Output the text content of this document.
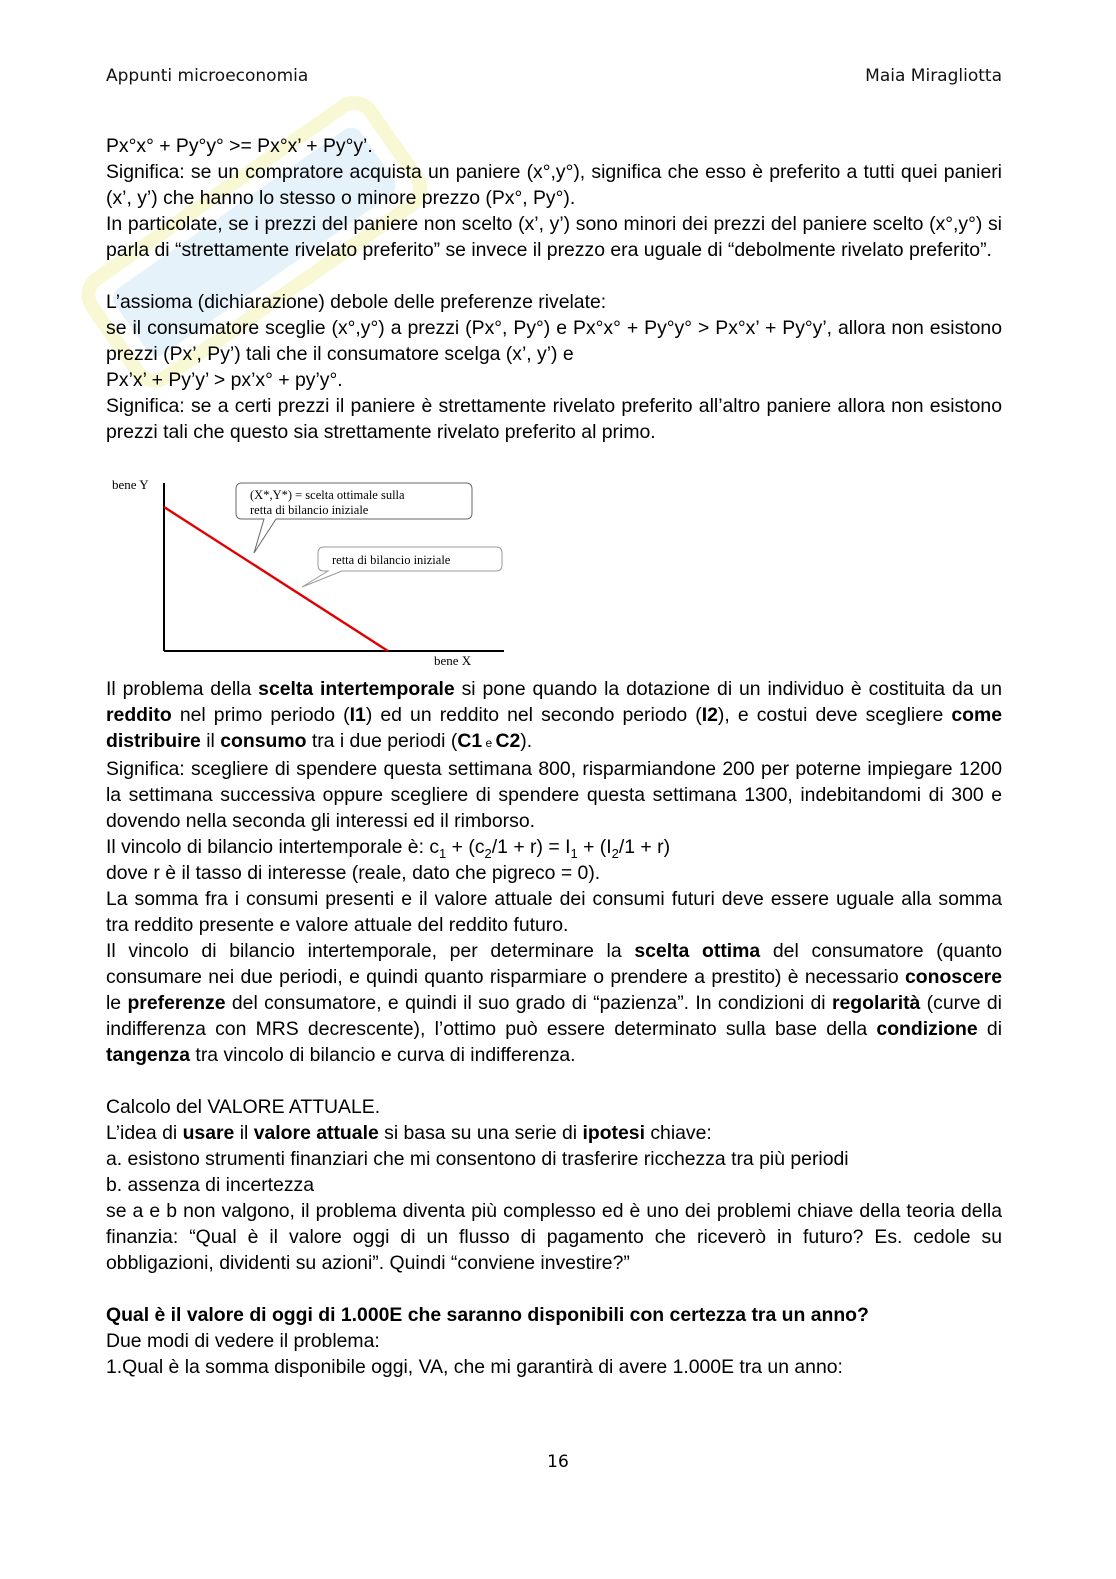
Appunti microeconomia	Maia Miragliotta

Px°x° + Py°y° >= Px°x’ + Py°y’.

Significa: se un compratore acquista un paniere (x°,y°), significa che esso è preferito a tutti quei panieri (x’, y’) che hanno lo stesso o minore prezzo (Px°, Py°).

In particolate, se i prezzi del paniere non scelto (x’, y’) sono minori dei prezzi del paniere scelto (x°,y°) si parla di “strettamente rivelato preferito” se invece il prezzo era uguale di “debolmente rivelato preferito”.

L’assioma (dichiarazione) debole delle preferenze rivelate:

se il consumatore sceglie (x°,y°) a prezzi (Px°, Py°) e Px°x° + Py°y° > Px°x’ + Py°y’, allora non esistono prezzi (Px’, Py’) tali che il consumatore scelga (x’, y’) e

Px’x’ + Py’y’ > px’x° + py’y°.

Significa: se a certi prezzi il paniere è strettamente rivelato preferito all’altro paniere allora non esistono prezzi tali che questo sia strettamente rivelato preferito al primo.

bene Y
(X*,Y*) = scelta ottimale sulla
retta di bilancio iniziale
retta di bilancio iniziale
bene X

Il problema della scelta intertemporale si pone quando la dotazione di un individuo è costituita da un reddito nel primo periodo (I1) ed un reddito nel secondo periodo (I2), e costui deve scegliere come distribuire il consumo tra i due periodi (C1 e C2).

Significa: scegliere di spendere questa settimana 800, risparmiandone 200 per poterne impiegare 1200 la settimana successiva oppure scegliere di spendere questa settimana 1300, indebitandomi di 300 e dovendo nella seconda gli interessi ed il rimborso.

Il vincolo di bilancio intertemporale è: $c_1 + (c_2/1 + r) = I_1 + (I_2/1 + r)$

dove r è il tasso di interesse (reale, dato che pigreco = 0).

La somma fra i consumi presenti e il valore attuale dei consumi futuri deve essere uguale alla somma tra reddito presente e valore attuale del reddito futuro.

Il vincolo di bilancio intertemporale, per determinare la scelta ottima del consumatore (quanto consumare nei due periodi, e quindi quanto risparmiare o prendere a prestito) è necessario conoscere le preferenze del consumatore, e quindi il suo grado di “pazienza”. In condizioni di regolarità (curve di indifferenza con MRS decrescente), l’ottimo può essere determinato sulla base della condizione di tangenza tra vincolo di bilancio e curva di indifferenza.

Calcolo del VALORE ATTUALE.

L’idea di usare il valore attuale si basa su una serie di ipotesi chiave:

a. esistono strumenti finanziari che mi consentono di trasferire ricchezza tra più periodi

b. assenza di incertezza

se a e b non valgono, il problema diventa più complesso ed è uno dei problemi chiave della teoria della finanzia: “Qual è il valore oggi di un flusso di pagamento che riceverò in futuro? Es. cedole su obbligazioni, dividenti su azioni”. Quindi “conviene investire?”

Qual è il valore di oggi di 1.000E che saranno disponibili con certezza tra un anno?

Due modi di vedere il problema:

1.Qual è la somma disponibile oggi, VA, che mi garantirà di avere 1.000E tra un anno:

16
